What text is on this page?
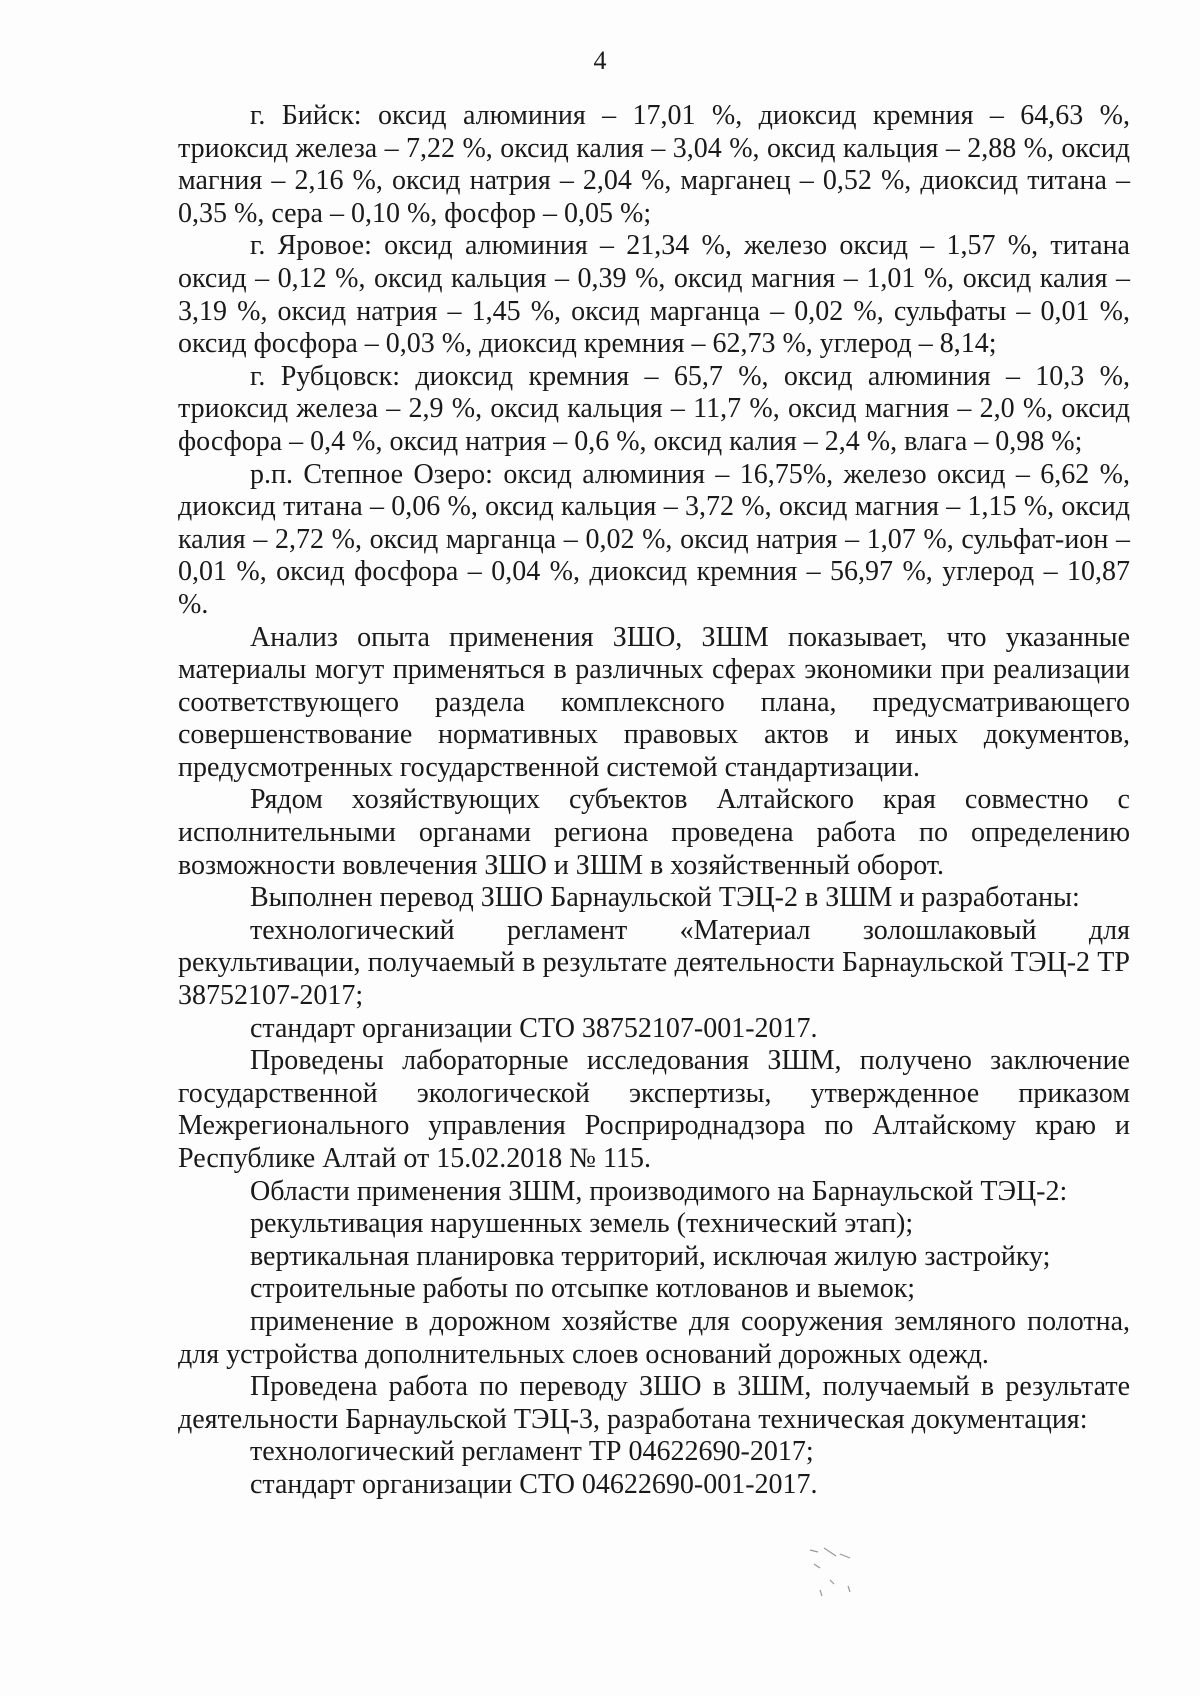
4

г. Бийск: оксид алюминия – 17,01 %, диоксид кремния – 64,63 %, триоксид железа – 7,22 %, оксид калия – 3,04 %, оксид кальция – 2,88 %, оксид магния – 2,16 %, оксид натрия – 2,04 %, марганец – 0,52 %, диоксид титана – 0,35 %, сера – 0,10 %, фосфор – 0,05 %;

г. Яровое: оксид алюминия – 21,34 %, железо оксид – 1,57 %, титана оксид – 0,12 %, оксид кальция – 0,39 %, оксид магния – 1,01 %, оксид калия – 3,19 %, оксид натрия – 1,45 %, оксид марганца – 0,02 %, сульфаты – 0,01 %, оксид фосфора – 0,03 %, диоксид кремния – 62,73 %, углерод – 8,14;

г. Рубцовск: диоксид кремния – 65,7 %, оксид алюминия – 10,3 %, триоксид железа – 2,9 %, оксид кальция – 11,7 %, оксид магния – 2,0 %, оксид фосфора – 0,4 %, оксид натрия – 0,6 %, оксид калия – 2,4 %, влага – 0,98 %;

р.п. Степное Озеро: оксид алюминия – 16,75%, железо оксид – 6,62 %, диоксид титана – 0,06 %, оксид кальция – 3,72 %, оксид магния – 1,15 %, оксид калия – 2,72 %, оксид марганца – 0,02 %, оксид натрия – 1,07 %, сульфат-ион – 0,01 %, оксид фосфора – 0,04 %, диоксид кремния – 56,97 %, углерод – 10,87 %.

Анализ опыта применения ЗШО, ЗШМ показывает, что указанные материалы могут применяться в различных сферах экономики при реализации соответствующего раздела комплексного плана, предусматривающего совершенствование нормативных правовых актов и иных документов, предусмотренных государственной системой стандартизации.

Рядом хозяйствующих субъектов Алтайского края совместно с исполнительными органами региона проведена работа по определению возможности вовлечения ЗШО и ЗШМ в хозяйственный оборот.

Выполнен перевод ЗШО Барнаульской ТЭЦ-2 в ЗШМ и разработаны:

технологический регламент «Материал золошлаковый для рекультивации, получаемый в результате деятельности Барнаульской ТЭЦ-2 ТР 38752107-2017;

стандарт организации СТО 38752107-001-2017.

Проведены лабораторные исследования ЗШМ, получено заключение государственной экологической экспертизы, утвержденное приказом Межрегионального управления Росприроднадзора по Алтайскому краю и Республике Алтай от 15.02.2018 № 115.

Области применения ЗШМ, производимого на Барнаульской ТЭЦ-2:

рекультивация нарушенных земель (технический этап);

вертикальная планировка территорий, исключая жилую застройку;

строительные работы по отсыпке котлованов и выемок;

применение в дорожном хозяйстве для сооружения земляного полотна, для устройства дополнительных слоев оснований дорожных одежд.

Проведена работа по переводу ЗШО в ЗШМ, получаемый в результате деятельности Барнаульской ТЭЦ-3, разработана техническая документация:

технологический регламент ТР 04622690-2017;

стандарт организации СТО 04622690-001-2017.
